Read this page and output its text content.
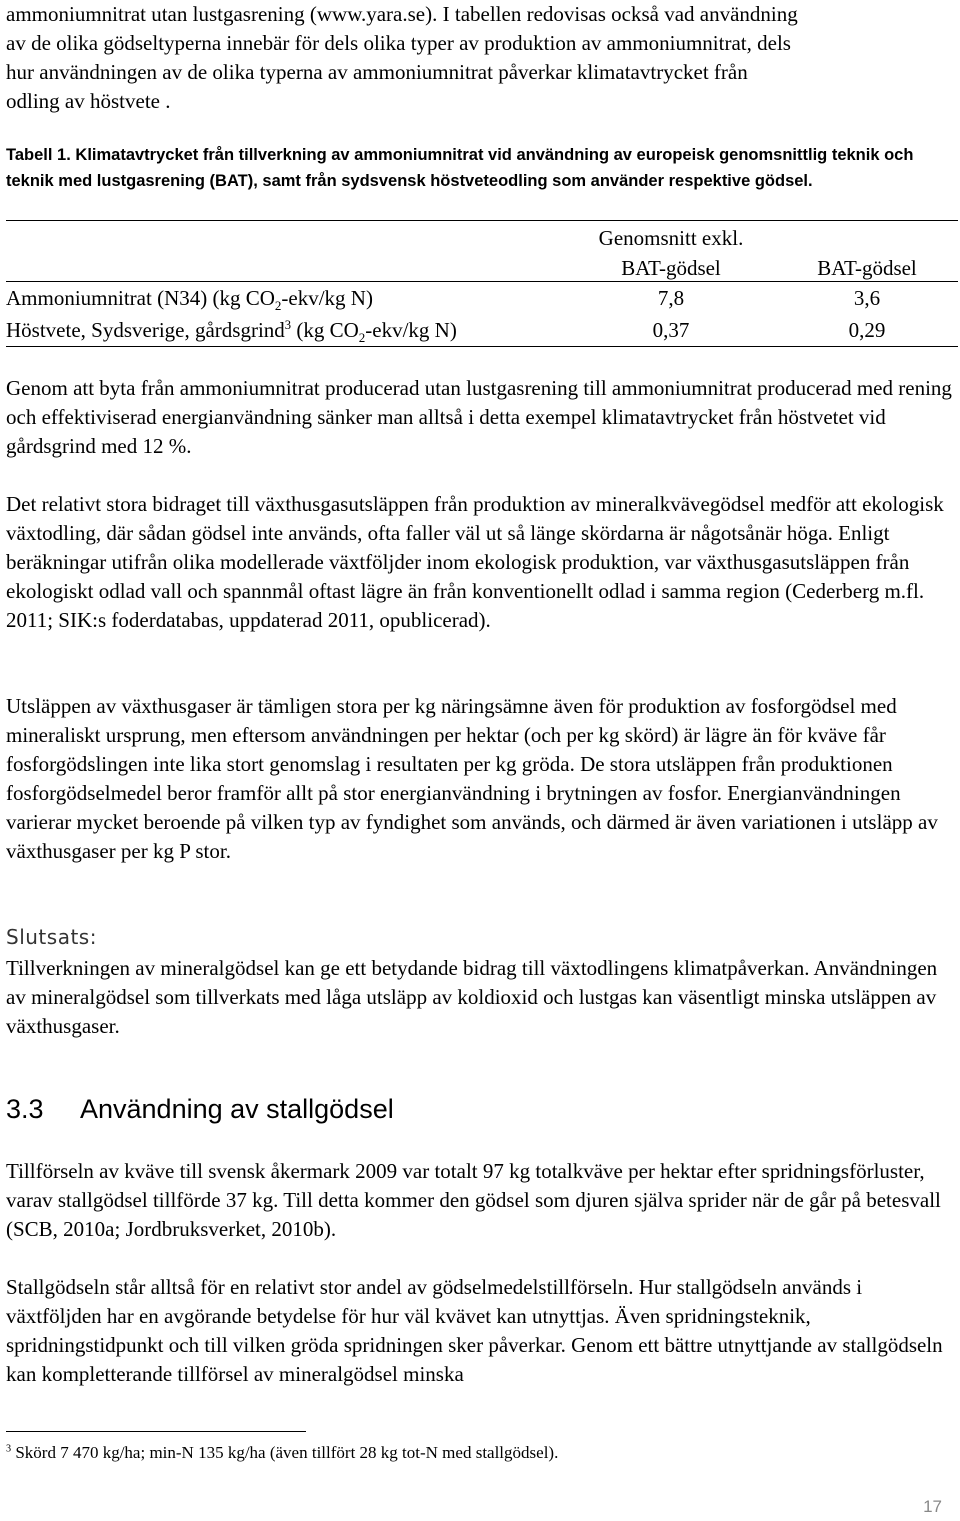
ammoniumnitrat utan lustgasrening (www.yara.se). I tabellen redovisas också vad användning
av de olika gödseltyperna innebär för dels olika typer av produktion av ammoniumnitrat, dels
hur användningen av de olika typerna av ammoniumnitrat påverkar klimatavtrycket från
odling av höstvete .
Tabell 1. Klimatavtrycket från tillverkning av ammoniumnitrat vid användning av europeisk genomsnittlig teknik och teknik med lustgasrening (BAT), samt från sydsvensk höstveteodling som använder respektive gödsel.
	Genomsnitt exkl.	
	BAT-gödsel	BAT-gödsel
Ammoniumnitrat (N34) (kg $CO_2-ekv/kg$ N)	7,8	3,6
Höstvete, Sydsverige, gårdsgrind$^3$ (kg $CO_2-ekv/kg$ N)	0,37	0,29

Genom att byta från ammoniumnitrat producerad utan lustgasrening till ammoniumnitrat producerad med rening och effektiviserad energianvändning sänker man alltså i detta exempel klimatavtrycket från höstvetet vid gårdsgrind med 12 %.

Det relativt stora bidraget till växthusgasutsläppen från produktion av mineralkvävegödsel medför att ekologisk växtodling, där sådan gödsel inte används, ofta faller väl ut så länge skördarna är någotsånär höga. Enligt beräkningar utifrån olika modellerade växtföljder inom ekologisk produktion, var växthusgasutsläppen från ekologiskt odlad vall och spannmål oftast lägre än från konventionellt odlad i samma region (Cederberg m.fl. 2011; SIK:s foderdatabas, uppdaterad 2011, opublicerad).

Utsläppen av växthusgaser är tämligen stora per kg näringsämne även för produktion av fosforgödsel med mineraliskt ursprung, men eftersom användningen per hektar (och per kg skörd) är lägre än för kväve får fosforgödslingen inte lika stort genomslag i resultaten per kg gröda. De stora utsläppen från produktionen fosforgödselmedel beror framför allt på stor energianvändning i brytningen av fosfor. Energianvändningen varierar mycket beroende på vilken typ av fyndighet som används, och därmed är även variationen i utsläpp av växthusgaser per kg P stor.

Slutsats:

Tillverkningen av mineralgödsel kan ge ett betydande bidrag till växtodlingens klimatpåverkan. Användningen av mineralgödsel som tillverkats med låga utsläpp av koldioxid och lustgas kan väsentligt minska utsläppen av växthusgaser.

3.3 Användning av stallgödsel

Tillförseln av kväve till svensk åkermark 2009 var totalt 97 kg totalkväve per hektar efter spridningsförluster, varav stallgödsel tillförde 37 kg. Till detta kommer den gödsel som djuren själva sprider när de går på betesvall (SCB, 2010a; Jordbruksverket, 2010b).

Stallgödseln står alltså för en relativt stor andel av gödselmedelstillförseln. Hur stallgödseln används i växtföljden har en avgörande betydelse för hur väl kvävet kan utnyttjas. Även spridningsteknik, spridningstidpunkt och till vilken gröda spridningen sker påverkar. Genom ett bättre utnyttjande av stallgödseln kan kompletterande tillförsel av mineralgödsel minska

$^3$ Skörd 7 470 kg/ha; min-N 135 kg/ha (även tillfört 28 kg tot-N med stallgödsel).
17
